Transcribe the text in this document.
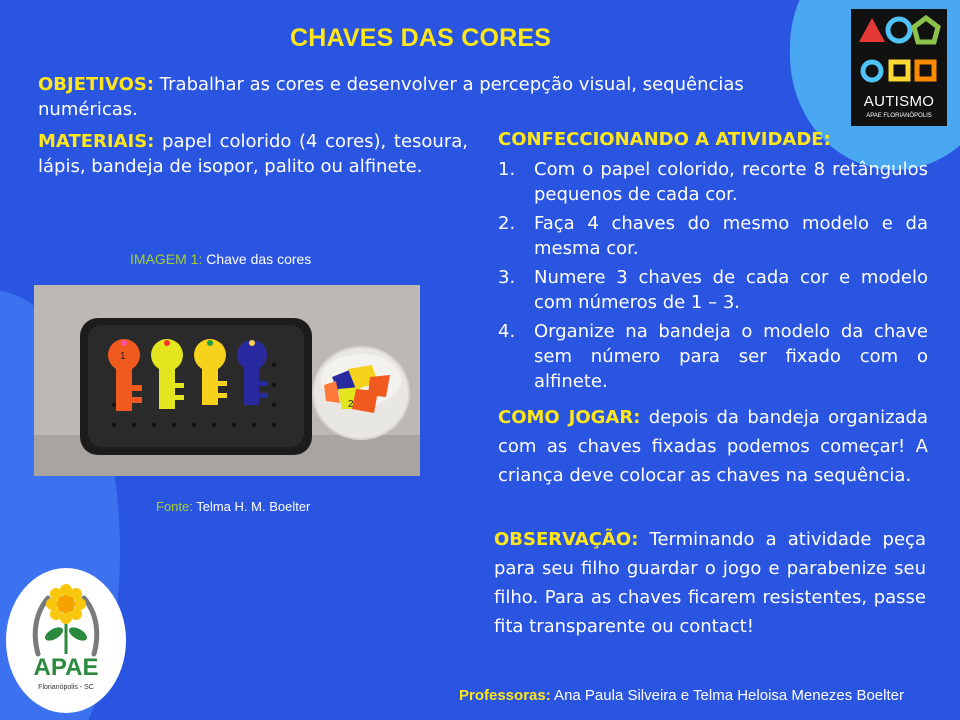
CHAVES DAS CORES
OBJETIVOS: Trabalhar as cores e desenvolver a percepção visual, sequências numéricas.
MATERIAIS: papel colorido (4 cores), tesoura, lápis, bandeja de isopor, palito ou alfinete.
CONFECCIONANDO A ATIVIDADE:
1.	Com o papel colorido, recorte 8 retângulos pequenos de cada cor.
2.	Faça 4 chaves do mesmo modelo e da mesma cor.
3.	Numere 3 chaves de cada cor e modelo com números de 1 – 3.
4.	Organize na bandeja o modelo da chave sem número para ser fixado com o alfinete.
COMO JOGAR: depois da bandeja organizada com as chaves fixadas podemos começar! A criança deve colocar as chaves na sequência.
OBSERVAÇÃO: Terminando a atividade peça para seu filho guardar o jogo e parabenize seu filho. Para as chaves ficarem resistentes, passe fita transparente ou contact!
IMAGEM 1: Chave das cores
1
2
Fonte: Telma H. M. Boelter
AUTISMO
APAE FLORIANÓPOLIS
APAE
Florianópolis - SC	Professoras: Ana Paula Silveira e Telma Heloisa Menezes Boelter
